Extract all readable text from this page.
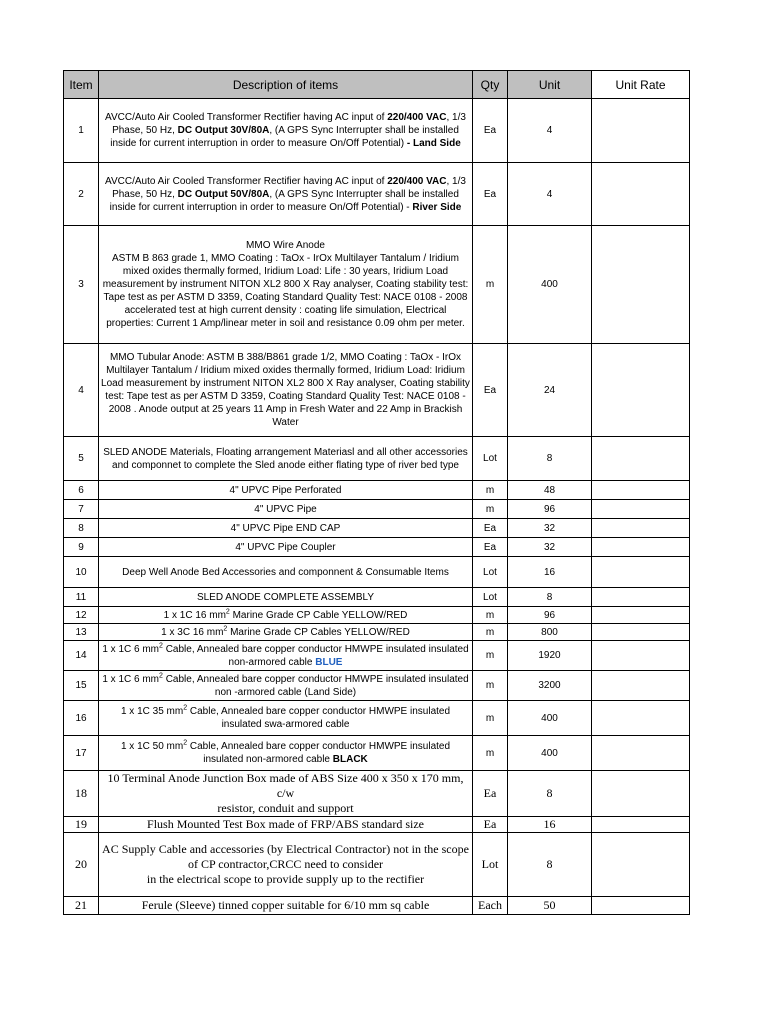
Item	Description of items	Qty	Unit	Unit Rate
1	AVCC/Auto Air Cooled Transformer Rectifier having AC input of 220/400 VAC, 1/3 Phase, 50 Hz, DC Output 30V/80A, (A GPS Sync Interrupter shall be installed inside for current interruption in order to measure On/Off Potential) - Land Side	Ea	4	
2	AVCC/Auto Air Cooled Transformer Rectifier having AC input of 220/400 VAC, 1/3 Phase, 50 Hz, DC Output 50V/80A, (A GPS Sync Interrupter shall be installed inside for current interruption in order to measure On/Off Potential) - River Side	Ea	4	
3	MMO Wire Anode
ASTM B 863 grade 1, MMO Coating : TaOx - IrOx Multilayer Tantalum / Iridium mixed oxides thermally formed, Iridium Load: Life : 30 years, Iridium Load measurement by instrument NITON XL2 800 X Ray analyser, Coating stability test: Tape test as per ASTM D 3359, Coating Standard Quality Test: NACE 0108 - 2008 accelerated test at high current density : coating life simulation, Electrical properties: Current 1 Amp/linear meter in soil and resistance 0.09 ohm per meter.	m	400	
4	MMO Tubular Anode: ASTM B 388/B861 grade 1/2, MMO Coating : TaOx - IrOx Multilayer Tantalum / Iridium mixed oxides thermally formed, Iridium Load: Iridium Load measurement by instrument NITON XL2 800 X Ray analyser, Coating stability test: Tape test as per ASTM D 3359, Coating Standard Quality Test: NACE 0108 - 2008 . Anode output at 25 years 11 Amp in Fresh Water and 22 Amp in Brackish Water	Ea	24	
5	SLED ANODE Materials, Floating arrangement Materiasl and all other accessories and componnet to complete the Sled anode either flating type of river bed type	Lot	8	
6	4" UPVC Pipe Perforated	m	48	
7	4" UPVC Pipe	m	96	
8	4" UPVC Pipe END CAP	Ea	32	
9	4" UPVC Pipe Coupler	Ea	32	
10	Deep Well Anode Bed Accessories and componnent & Consumable Items	Lot	16	
11	SLED ANODE COMPLETE ASSEMBLY	Lot	8	
12	1 x 1C 16 $mm^2$ Marine Grade CP Cable YELLOW/RED	m	96	
13	1 x 3C 16 $mm^2$ Marine Grade CP Cables YELLOW/RED	m	800	
14	1 x 1C 6 $mm^2$ Cable, Annealed bare copper conductor HMWPE insulated insulated non-armored cable BLUE	m	1920	
15	1 x 1C 6 $mm^2$ Cable, Annealed bare copper conductor HMWPE insulated insulated non -armored cable (Land Side)	m	3200	
16	1 x 1C 35 $mm^2$ Cable, Annealed bare copper conductor HMWPE insulated insulated swa-armored cable	m	400	
17	1 x 1C 50 $mm^2$ Cable, Annealed bare copper conductor HMWPE insulated insulated non-armored cable BLACK	m	400	
18	10 Terminal Anode Junction Box made of ABS Size 400 x 350 x 170 mm, c/w
resistor, conduit and support	Ea	8	
19	Flush Mounted Test Box made of FRP/ABS standard size	Ea	16	
20	AC Supply Cable and accessories (by Electrical Contractor) not in the scope of CP contractor,CRCC need to consider
in the electrical scope to provide supply up to the rectifier	Lot	8	
21	Ferule (Sleeve) tinned copper suitable for 6/10 mm sq cable	Each	50	
